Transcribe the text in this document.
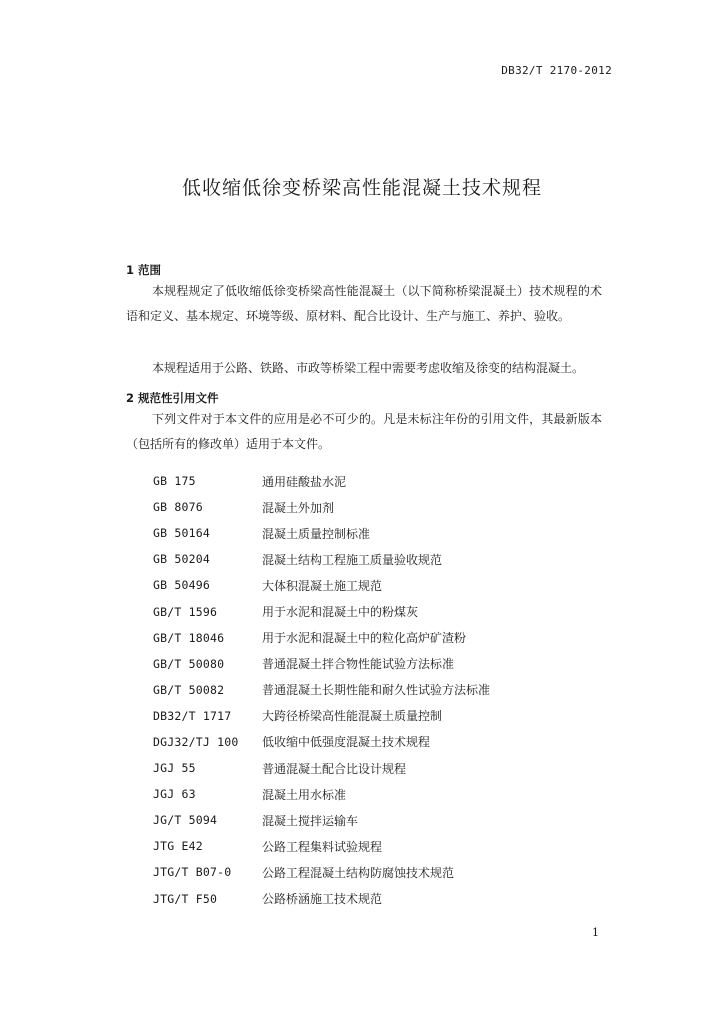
DB32/T 2170-2012
低收缩低徐变桥梁高性能混凝土技术规程
1 范围

本规程规定了低收缩低徐变桥梁高性能混凝土（以下简称桥梁混凝土）技术规程的术语和定义、基本规定、环境等级、原材料、配合比设计、生产与施工、养护、验收。

本规程适用于公路、铁路、市政等桥梁工程中需要考虑收缩及徐变的结构混凝土。

2 规范性引用文件

下列文件对于本文件的应用是必不可少的。凡是未标注年份的引用文件，其最新版本（包括所有的修改单）适用于本文件。

GB 175	通用硅酸盐水泥
GB 8076	混凝土外加剂
GB 50164	混凝土质量控制标准
GB 50204	混凝土结构工程施工质量验收规范
GB 50496	大体积混凝土施工规范
GB/T 1596	用于水泥和混凝土中的粉煤灰
GB/T 18046	用于水泥和混凝土中的粒化高炉矿渣粉
GB/T 50080	普通混凝土拌合物性能试验方法标准
GB/T 50082	普通混凝土长期性能和耐久性试验方法标准
DB32/T 1717	大跨径桥梁高性能混凝土质量控制
DGJ32/TJ 100	低收缩中低强度混凝土技术规程
JGJ 55	普通混凝土配合比设计规程
JGJ 63	混凝土用水标准
JG/T 5094	混凝土搅拌运输车
JTG E42	公路工程集料试验规程
JTG/T B07-0	公路工程混凝土结构防腐蚀技术规范
JTG/T F50	公路桥涵施工技术规范
1
